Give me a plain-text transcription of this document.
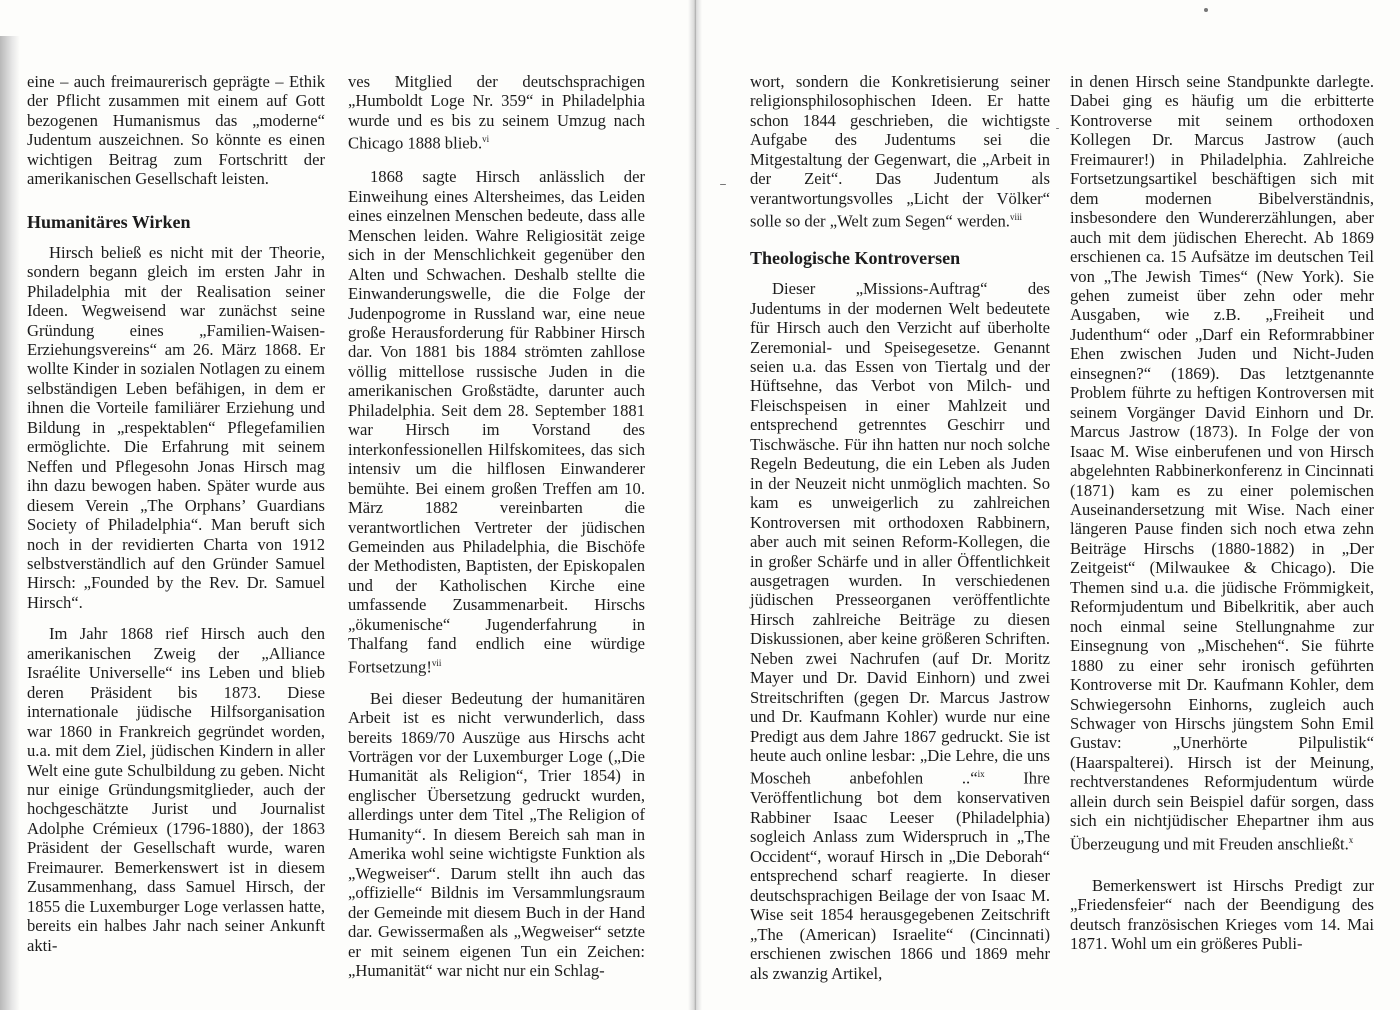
eine – auch freimaurerisch geprägte – Ethik der Pflicht zusammen mit einem auf Gott bezogenen Humanismus das „moderne“ Judentum auszeichnen. So könnte es einen wichtigen Beitrag zum Fortschritt der amerikanischen Gesellschaft leisten.

Humanitäres Wirken

Hirsch beließ es nicht mit der Theorie, sondern begann gleich im ersten Jahr in Philadelphia mit der Realisation seiner Ideen. Wegweisend war zunächst seine Gründung eines „Familien-Waisen-Erziehungsvereins“ am 26. März 1868. Er wollte Kinder in sozialen Notlagen zu einem selbständigen Leben befähigen, in dem er ihnen die Vorteile familiärer Erziehung und Bildung in „respektablen“ Pflegefamilien ermöglichte. Die Erfahrung mit seinem Neffen und Pflegesohn Jonas Hirsch mag ihn dazu bewogen haben. Später wurde aus diesem Verein „The Orphans’ Guardians Society of Philadelphia“. Man beruft sich noch in der revidierten Charta von 1912 selbstverständlich auf den Gründer Samuel Hirsch: „Founded by the Rev. Dr. Samuel Hirsch“.

Im Jahr 1868 rief Hirsch auch den amerikanischen Zweig der „Alliance Israélite Universelle“ ins Leben und blieb deren Präsident bis 1873. Diese internationale jüdische Hilfsorganisation war 1860 in Frankreich gegründet worden, u.a. mit dem Ziel, jüdischen Kindern in aller Welt eine gute Schulbildung zu geben. Nicht nur einige Gründungsmitglieder, auch der hochgeschätzte Jurist und Journalist Adolphe Crémieux (1796-1880), der 1863 Präsident der Gesellschaft wurde, waren Freimaurer. Bemerkenswert ist in diesem Zusammenhang, dass Samuel Hirsch, der 1855 die Luxemburger Loge verlassen hatte, bereits ein halbes Jahr nach seiner Ankunft akti-

ves Mitglied der deutschsprachigen „Humboldt Loge Nr. 359“ in Philadelphia wurde und es bis zu seinem Umzug nach Chicago 1888 blieb.$^{vi}$

1868 sagte Hirsch anlässlich der Einweihung eines Altersheimes, das Leiden eines einzelnen Menschen bedeute, dass alle Menschen leiden. Wahre Religiosität zeige sich in der Menschlichkeit gegenüber den Alten und Schwachen. Deshalb stellte die Einwanderungswelle, die die Folge der Judenpogrome in Russland war, eine neue große Herausforderung für Rabbiner Hirsch dar. Von 1881 bis 1884 strömten zahllose völlig mittellose russische Juden in die amerikanischen Großstädte, darunter auch Philadelphia. Seit dem 28. September 1881 war Hirsch im Vorstand des interkonfessionellen Hilfskomitees, das sich intensiv um die hilflosen Einwanderer bemühte. Bei einem großen Treffen am 10. März 1882 vereinbarten die verantwortlichen Vertreter der jüdischen Gemeinden aus Philadelphia, die Bischöfe der Methodisten, Baptisten, der Episkopalen und der Katholischen Kirche eine umfassende Zusammenarbeit. Hirschs „ökumenische“ Jugenderfahrung in Thalfang fand endlich eine würdige Fortsetzung!$^{vii}$

Bei dieser Bedeutung der humanitären Arbeit ist es nicht verwunderlich, dass bereits 1869/70 Auszüge aus Hirschs acht Vorträgen vor der Luxemburger Loge („Die Humanität als Religion“, Trier 1854) in englischer Übersetzung gedruckt wurden, allerdings unter dem Titel „The Religion of Humanity“. In diesem Bereich sah man in Amerika wohl seine wichtigste Funktion als „Wegweiser“. Darum stellt ihn auch das „offizielle“ Bildnis im Versammlungsraum der Gemeinde mit diesem Buch in der Hand dar. Gewissermaßen als „Wegweiser“ setzte er mit seinem eigenen Tun ein Zeichen: „Humanität“ war nicht nur ein Schlag-

wort, sondern die Konkretisierung seiner religionsphilosophischen Ideen. Er hatte schon 1844 geschrieben, die wichtigste Aufgabe des Judentums sei die Mitgestaltung der Gegenwart, die „Arbeit in der Zeit“. Das Judentum als verantwortungsvolles „Licht der Völker“ solle so der „Welt zum Segen“ werden.$^{viii}$

Theologische Kontroversen

Dieser „Missions-Auftrag“ des Judentums in der modernen Welt bedeutete für Hirsch auch den Verzicht auf überholte Zeremonial- und Speisegesetze. Genannt seien u.a. das Essen von Tiertalg und der Hüftsehne, das Verbot von Milch- und Fleischspeisen in einer Mahlzeit und entsprechend getrenntes Geschirr und Tischwäsche. Für ihn hatten nur noch solche Regeln Bedeutung, die ein Leben als Juden in der Neuzeit nicht unmöglich machten. So kam es unweigerlich zu zahlreichen Kontroversen mit orthodoxen Rabbinern, aber auch mit seinen Reform-Kollegen, die in großer Schärfe und in aller Öffentlichkeit ausgetragen wurden. In verschiedenen jüdischen Presseorganen veröffentlichte Hirsch zahlreiche Beiträge zu diesen Diskussionen, aber keine größeren Schriften. Neben zwei Nachrufen (auf Dr. Moritz Mayer und Dr. David Einhorn) und zwei Streitschriften (gegen Dr. Marcus Jastrow und Dr. Kaufmann Kohler) wurde nur eine Predigt aus dem Jahre 1867 gedruckt. Sie ist heute auch online lesbar: „Die Lehre, die uns Moscheh anbefohlen ..“$^{ix}$ Ihre Veröffentlichung bot dem konservativen Rabbiner Isaac Leeser (Philadelphia) sogleich Anlass zum Widerspruch in „The Occident“, worauf Hirsch in „Die Deborah“ entsprechend scharf reagierte. In dieser deutschsprachigen Beilage der von Isaac M. Wise seit 1854 herausgegebenen Zeitschrift „The (American) Israelite“ (Cincinnati) erschienen zwischen 1866 und 1869 mehr als zwanzig Artikel,

in denen Hirsch seine Standpunkte darlegte. Dabei ging es häufig um die erbitterte Kontroverse mit seinem orthodoxen Kollegen Dr. Marcus Jastrow (auch Freimaurer!) in Philadelphia. Zahlreiche Fortsetzungsartikel beschäftigen sich mit dem modernen Bibelverständnis, insbesondere den Wundererzählungen, aber auch mit dem jüdischen Eherecht. Ab 1869 erschienen ca. 15 Aufsätze im deutschen Teil von „The Jewish Times“ (New York). Sie gehen zumeist über zehn oder mehr Ausgaben, wie z.B. „Freiheit und Judenthum“ oder „Darf ein Reformrabbiner Ehen zwischen Juden und Nicht-Juden einsegnen?“ (1869). Das letztgenannte Problem führte zu heftigen Kontroversen mit seinem Vorgänger David Einhorn und Dr. Marcus Jastrow (1873). In Folge der von Isaac M. Wise einberufenen und von Hirsch abgelehnten Rabbinerkonferenz in Cincinnati (1871) kam es zu einer polemischen Auseinandersetzung mit Wise. Nach einer längeren Pause finden sich noch etwa zehn Beiträge Hirschs (1880-1882) in „Der Zeitgeist“ (Milwaukee & Chicago). Die Themen sind u.a. die jüdische Frömmigkeit, Reformjudentum und Bibelkritik, aber auch noch einmal seine Stellungnahme zur Einsegnung von „Mischehen“. Sie führte 1880 zu einer sehr ironisch geführten Kontroverse mit Dr. Kaufmann Kohler, dem Schwiegersohn Einhorns, zugleich auch Schwager von Hirschs jüngstem Sohn Emil Gustav: „Unerhörte Pilpulistik“ (Haarspalterei). Hirsch ist der Meinung, rechtverstandenes Reformjudentum würde allein durch sein Beispiel dafür sorgen, dass sich ein nichtjüdischer Ehepartner ihm aus Überzeugung und mit Freuden anschließt.$^x$

Bemerkenswert ist Hirschs Predigt zur „Friedensfeier“ nach der Beendigung des deutsch französischen Krieges vom 14. Mai 1871. Wohl um ein größeres Publi-
